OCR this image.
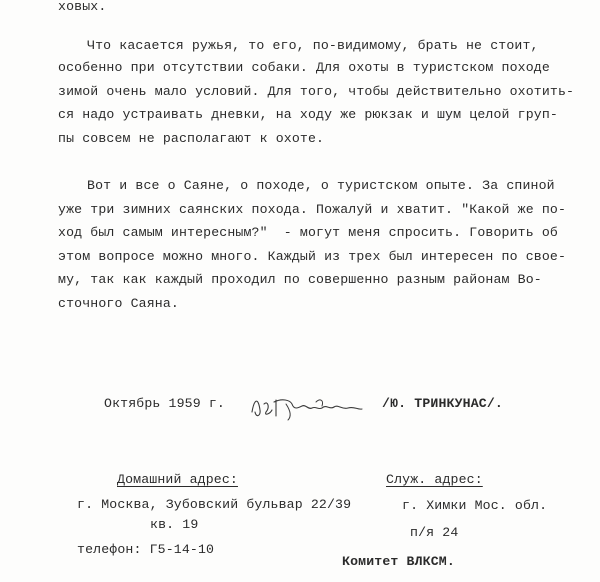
ховых.
Что касается ружья, то его, по-видимому, брать не стоит,
особенно при отсутствии собаки. Для охоты в туристском походе
зимой очень мало условий. Для того, чтобы действительно охотить-
ся надо устраивать дневки, на ходу же рюкзак и шум целой груп-
пы совсем не располагают к охоте.
Вот и все о Саяне, о походе, о туристском опыте. За спиной
уже три зимних саянских похода. Пожалуй и хватит. "Какой же по-
ход был самым интересным?"  - могут меня спросить. Говорить об
этом вопросе можно много. Каждый из трех был интересен по свое-
му, так как каждый проходил по совершенно разным районам Во-
сточного Саяна.
Октябрь 1959 г.	/Ю. ТРИНКУНАС/.
Домашний адрес:
г. Москва, Зубовский бульвар 22/39
кв. 19
телефон: Г5-14-10
Служ. адрес:
г. Химки Мос. обл.
п/я 24
Комитет ВЛКСМ.
